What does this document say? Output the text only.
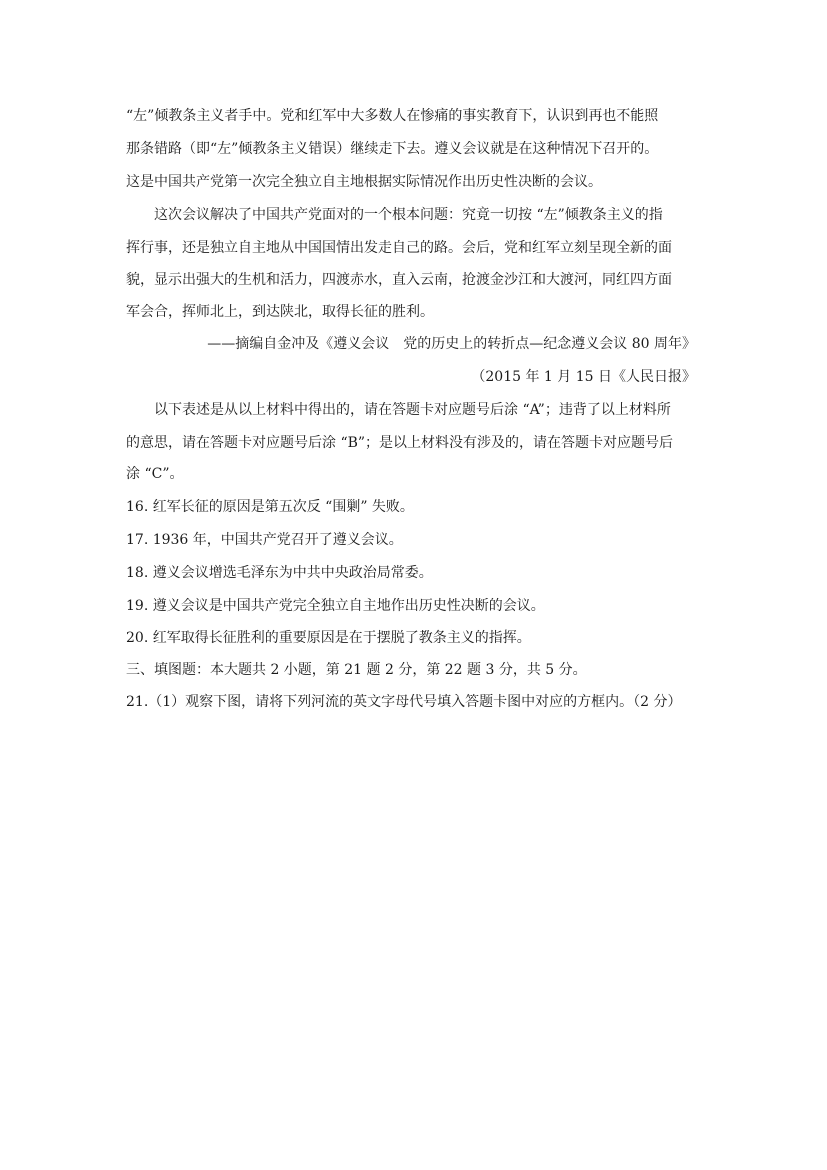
“左”倾教条主义者手中。党和红军中大多数人在惨痛的事实教育下，认识到再也不能照
那条错路（即“左”倾教条主义错误）继续走下去。遵义会议就是在这种情况下召开的。
这是中国共产党第一次完全独立自主地根据实际情况作出历史性决断的会议。
这次会议解决了中国共产党面对的一个根本问题：究竟一切按 “左”倾教条主义的指
挥行事，还是独立自主地从中国国情出发走自己的路。会后，党和红军立刻呈现全新的面
貌，显示出强大的生机和活力，四渡赤水，直入云南，抢渡金沙江和大渡河，同红四方面
军会合，挥师北上，到达陕北，取得长征的胜利。
——摘编自金冲及《遵义会议　党的历史上的转折点—纪念遵义会议 80 周年》
（2015 年 1 月 15 日《人民日报》
以下表述是从以上材料中得出的，请在答题卡对应题号后涂 “A”；违背了以上材料所
的意思，请在答题卡对应题号后涂 “B”；是以上材料没有涉及的，请在答题卡对应题号后
涂 “C”。
16. 红军长征的原因是第五次反 “围剿” 失败。
17. 1936 年，中国共产党召开了遵义会议。
18. 遵义会议增选毛泽东为中共中央政治局常委。
19. 遵义会议是中国共产党完全独立自主地作出历史性决断的会议。
20. 红军取得长征胜利的重要原因是在于摆脱了教条主义的指挥。
三、填图题：本大题共 2 小题，第 21 题 2 分，第 22 题 3 分，共 5 分。
21.（1）观察下图，请将下列河流的英文字母代号填入答题卡图中对应的方框内。（2 分）
